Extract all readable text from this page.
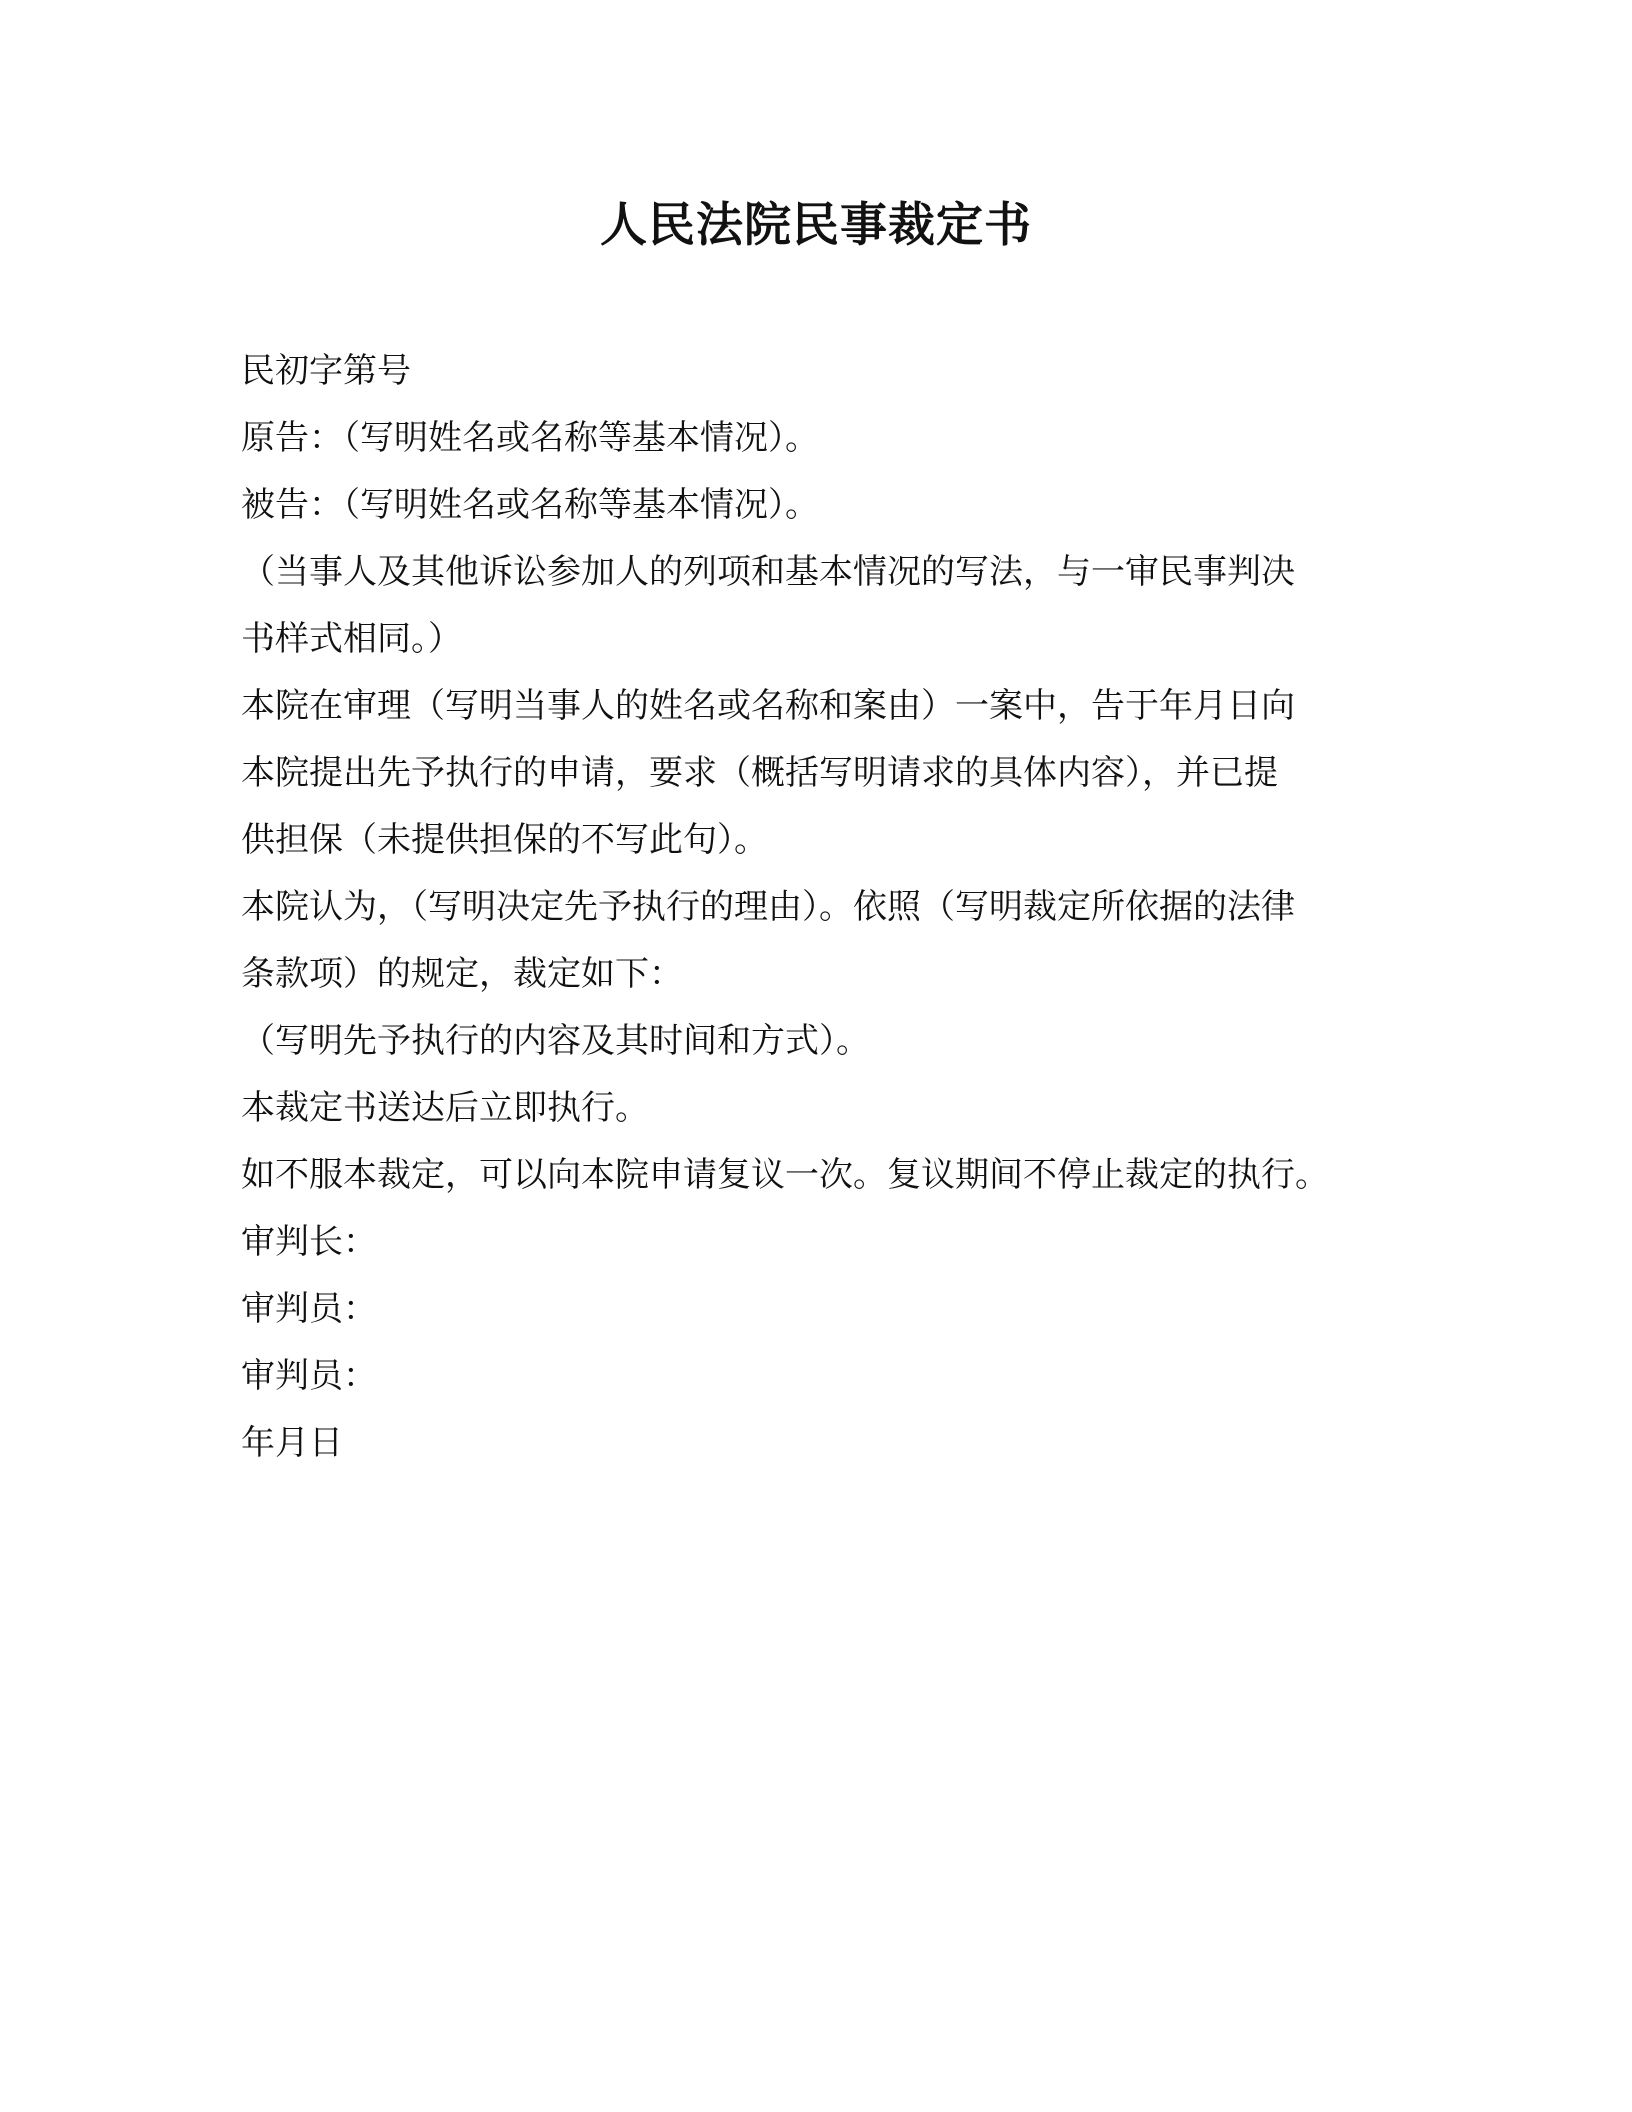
人民法院民事裁定书
民初字第号
原告：（写明姓名或名称等基本情况）。
被告：（写明姓名或名称等基本情况）。
（当事人及其他诉讼参加人的列项和基本情况的写法，与一审民事判决
书样式相同。）
本院在审理（写明当事人的姓名或名称和案由）一案中，告于年月日向
本院提出先予执行的申请，要求（概括写明请求的具体内容），并已提
供担保（未提供担保的不写此句）。
本院认为，（写明决定先予执行的理由）。依照（写明裁定所依据的法律
条款项）的规定，裁定如下：
（写明先予执行的内容及其时间和方式）。
本裁定书送达后立即执行。
如不服本裁定，可以向本院申请复议一次。复议期间不停止裁定的执行。
审判长：
审判员：
审判员：
年月日
